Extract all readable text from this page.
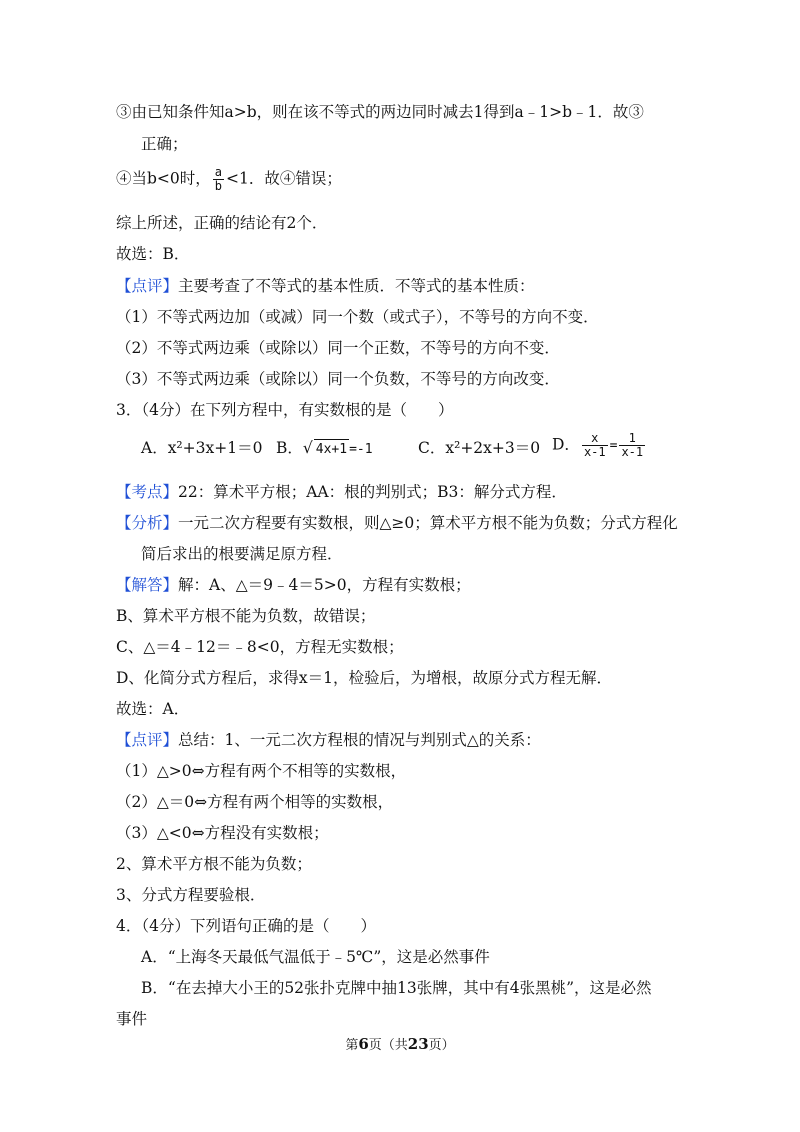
③由已知条件知a>b，则在该不等式的两边同时减去1得到a﹣1>b﹣1．故③
正确；
④当b<0时， $\frac{a}{b} <1$．故④错误；
综上所述，正确的结论有2个．
故选：B．
【点评】主要考查了不等式的基本性质．不等式的基本性质：
（1）不等式两边加（或减）同一个数（或式子），不等号的方向不变．
（2）不等式两边乘（或除以）同一个正数，不等号的方向不变．
（3）不等式两边乘（或除以）同一个负数，不等号的方向改变．
3．（4分）在下列方程中，有实数根的是（　　）
A．x²+3x+1＝0 B．√ 4x+1 =-1	C．x²+2x+3＝0 D． $\frac{x}{x-1} = \frac{1}{x-1}$
【考点】22：算术平方根；AA：根的判别式；B3：解分式方程．
【分析】一元二次方程要有实数根，则△≥0；算术平方根不能为负数；分式方程化
简后求出的根要满足原方程．
【解答】解：A、△＝9﹣4＝5>0，方程有实数根；
B、算术平方根不能为负数，故错误；
C、△＝4﹣12＝﹣8<0，方程无实数根；
D、化简分式方程后，求得x＝1，检验后，为增根，故原分式方程无解．
故选：A．
【点评】总结：1、一元二次方程根的情况与判别式△的关系：
（1）△>0⇔方程有两个不相等的实数根，
（2）△＝0⇔方程有两个相等的实数根，
（3）△<0⇔方程没有实数根；
2、算术平方根不能为负数；
3、分式方程要验根．
4．（4分）下列语句正确的是（　　）
A．“上海冬天最低气温低于﹣5℃”，这是必然事件
B．“在去掉大小王的52张扑克牌中抽13张牌，其中有4张黑桃”，这是必然
事件
第6页（共23页）
